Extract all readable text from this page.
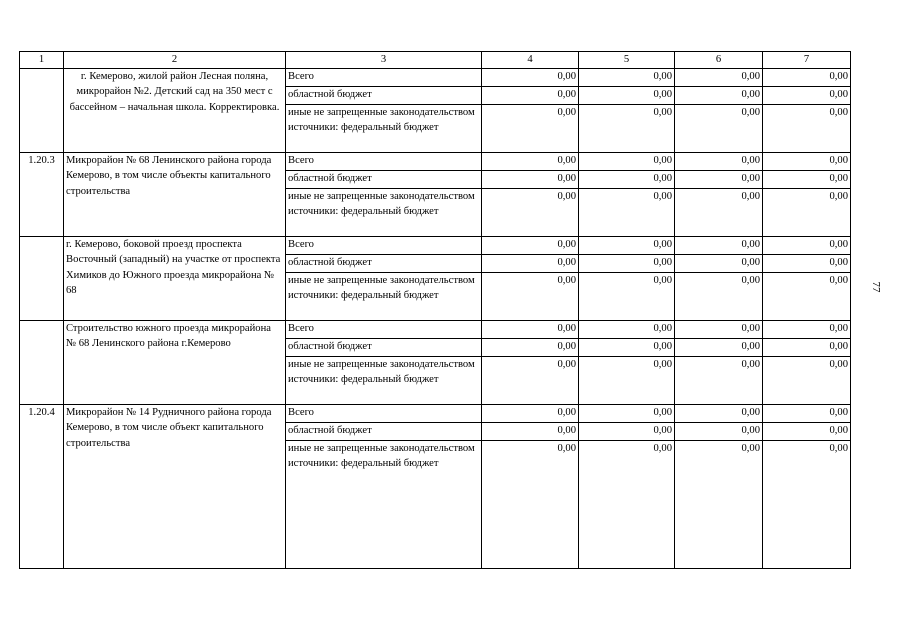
1	2	3	4	5	6	7
	г. Кемерово, жилой район Лесная поляна, микрорайон №2. Детский сад на 350 мест с бассейном – начальная школа. Корректировка.	Всего	0,00	0,00	0,00	0,00
		областной бюджет	0,00	0,00	0,00	0,00
		иные не запрещенные законодательством источники: федеральный бюджет	0,00	0,00	0,00	0,00
1.20.3	Микрорайон № 68 Ленинского района города Кемерово, в том числе объекты капитального строительства	Всего	0,00	0,00	0,00	0,00
		областной бюджет	0,00	0,00	0,00	0,00
		иные не запрещенные законодательством источники: федеральный бюджет	0,00	0,00	0,00	0,00
	г. Кемерово, боковой проезд проспекта Восточный (западный) на участке от проспекта Химиков до Южного проезда микрорайона № 68	Всего	0,00	0,00	0,00	0,00
		областной бюджет	0,00	0,00	0,00	0,00
		иные не запрещенные законодательством источники: федеральный бюджет	0,00	0,00	0,00	0,00
	Строительство южного проезда микрорайона № 68 Ленинского района г.Кемерово	Всего	0,00	0,00	0,00	0,00
		областной бюджет	0,00	0,00	0,00	0,00
		иные не запрещенные законодательством источники: федеральный бюджет	0,00	0,00	0,00	0,00
1.20.4	Микрорайон № 14 Рудничного района города Кемерово, в том числе объект капитального строительства	Всего	0,00	0,00	0,00	0,00
		областной бюджет	0,00	0,00	0,00	0,00
		иные не запрещенные законодательством источники: федеральный бюджет	0,00	0,00	0,00	0,00
77
